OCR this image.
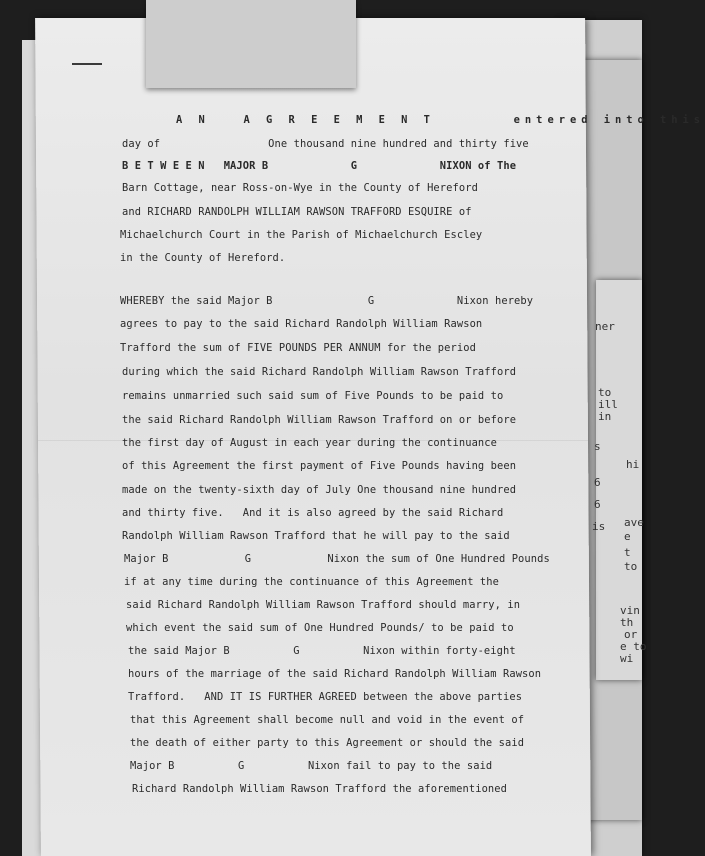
ner
to
ill
in
s
6
6
is
hi
ave
e
t
to
vin
th
or
e to
wi
A N   A G R E E M E N T       entered into this
day of                 One thousand nine hundred and thirty five
B E T W E E N   MAJOR B             G             NIXON of The
Barn Cottage, near Ross-on-Wye in the County of Hereford
and RICHARD RANDOLPH WILLIAM RAWSON TRAFFORD ESQUIRE of
Michaelchurch Court in the Parish of Michaelchurch Escley
in the County of Hereford.
WHEREBY the said Major B               G             Nixon hereby
agrees to pay to the said Richard Randolph William Rawson
Trafford the sum of FIVE POUNDS PER ANNUM for the period
during which the said Richard Randolph William Rawson Trafford
remains unmarried such said sum of Five Pounds to be paid to
the said Richard Randolph William Rawson Trafford on or before
the first day of August in each year during the continuance
of this Agreement the first payment of Five Pounds having been
made on the twenty-sixth day of July One thousand nine hundred
and thirty five.   And it is also agreed by the said Richard
Randolph William Rawson Trafford that he will pay to the said
Major B            G            Nixon the sum of One Hundred Pounds
if at any time during the continuance of this Agreement the
said Richard Randolph William Rawson Trafford should marry, in
which event the said sum of One Hundred Pounds/ to be paid to
the said Major B          G          Nixon within forty-eight
hours of the marriage of the said Richard Randolph William Rawson
Trafford.   AND IT IS FURTHER AGREED between the above parties
that this Agreement shall become null and void in the event of
the death of either party to this Agreement or should the said
Major B          G          Nixon fail to pay to the said
Richard Randolph William Rawson Trafford the aforementioned
